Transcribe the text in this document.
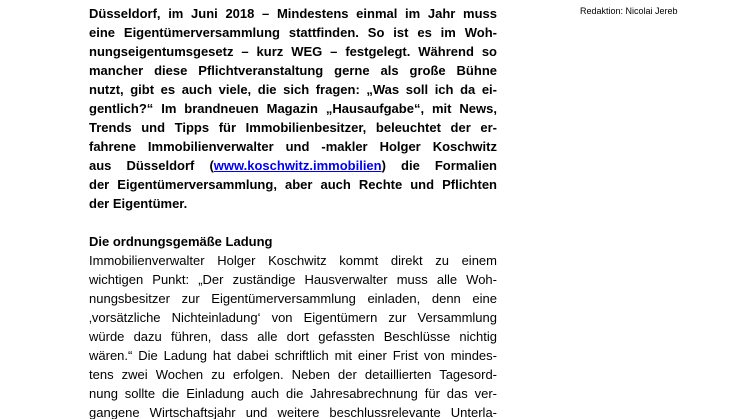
Redaktion: Nicolai Jereb
Düsseldorf, im Juni 2018 – Mindestens einmal im Jahr muss
eine Eigentümerversammlung stattfinden. So ist es im Woh-
nungseigentumsgesetz – kurz WEG – festgelegt. Während so
mancher diese Pflichtveranstaltung gerne als große Bühne
nutzt, gibt es auch viele, die sich fragen: „Was soll ich da ei-
gentlich?“ Im brandneuen Magazin „Hausaufgabe“, mit News,
Trends und Tipps für Immobilienbesitzer, beleuchtet der er-
fahrene Immobilienverwalter und -makler Holger Koschwitz
aus Düsseldorf (www.koschwitz.immobilien) die Formalien
der Eigentümerversammlung, aber auch Rechte und Pflichten
der Eigentümer.
Die ordnungsgemäße Ladung
Immobilienverwalter Holger Koschwitz kommt direkt zu einem
wichtigen Punkt: „Der zuständige Hausverwalter muss alle Woh-
nungsbesitzer zur Eigentümerversammlung einladen, denn eine
‚vorsätzliche Nichteinladung‘ von Eigentümern zur Versammlung
würde dazu führen, dass alle dort gefassten Beschlüsse nichtig
wären.“ Die Ladung hat dabei schriftlich mit einer Frist von mindes-
tens zwei Wochen zu erfolgen. Neben der detaillierten Tagesord-
nung sollte die Einladung auch die Jahresabrechnung für das ver-
gangene Wirtschaftsjahr und weitere beschlussrelevante Unterla-
